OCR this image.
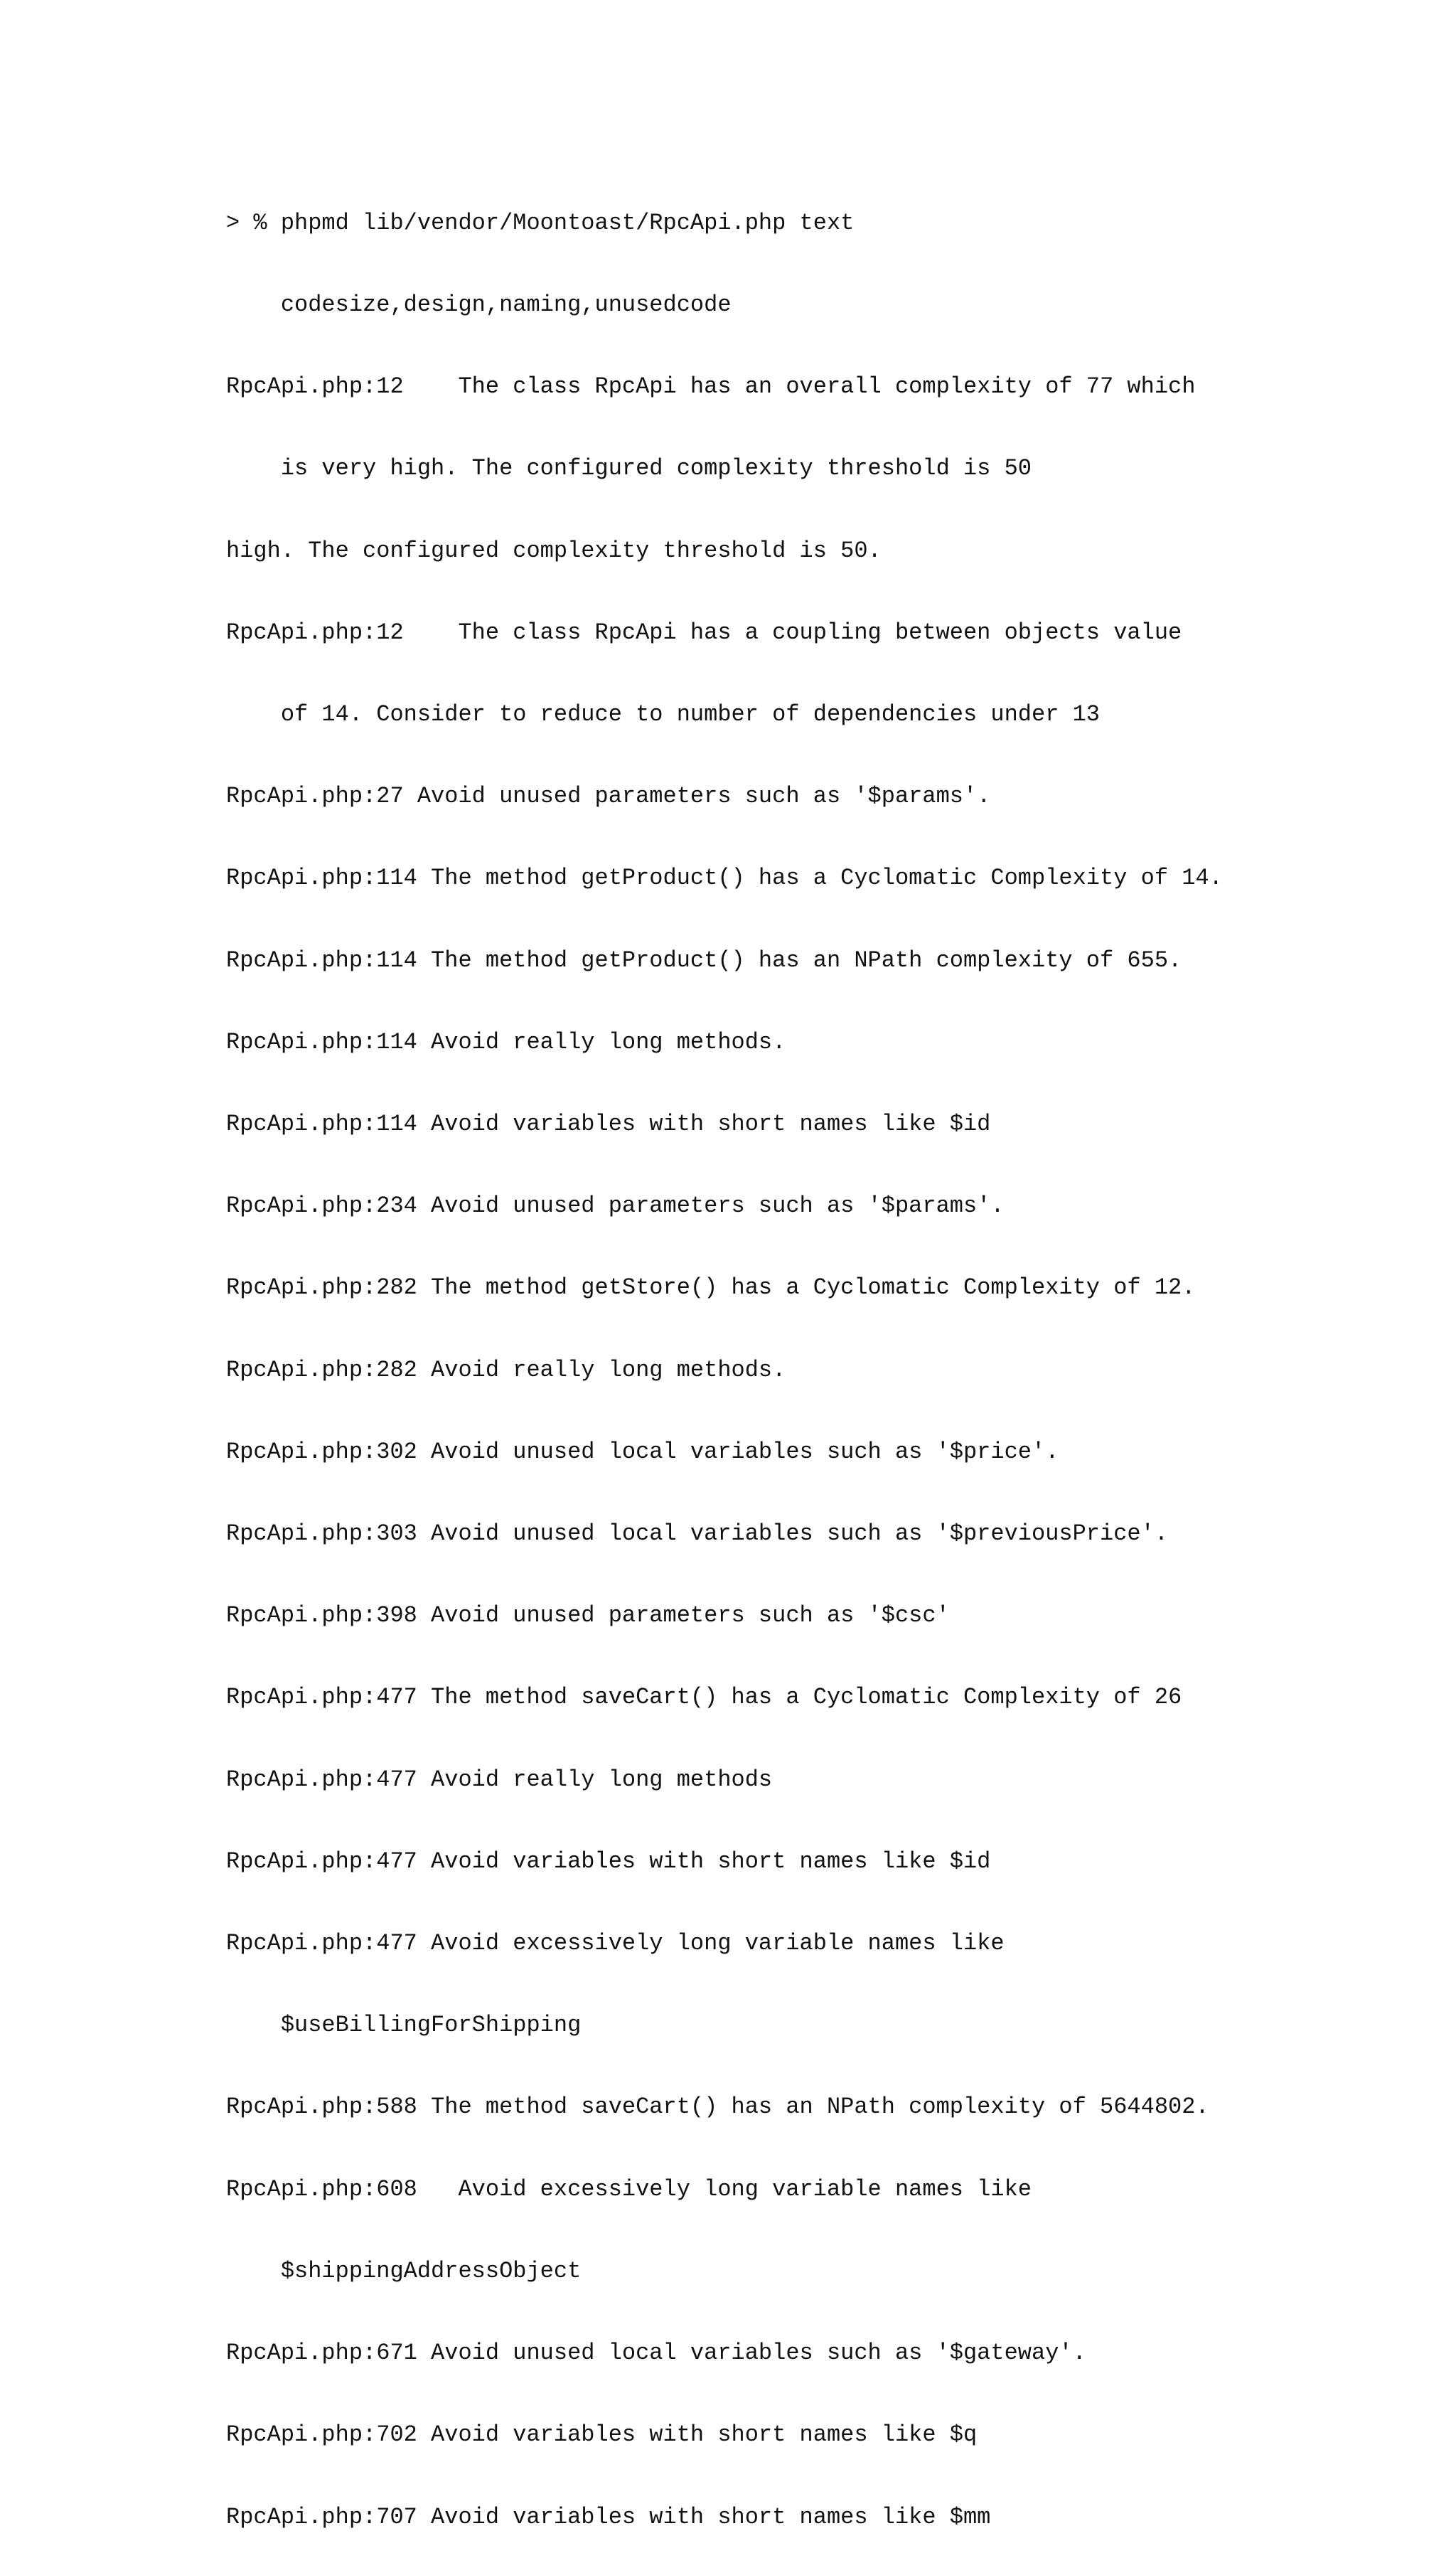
> % phpmd lib/vendor/Moontoast/RpcApi.php text

codesize,design,naming,unusedcode

RpcApi.php:12    The class RpcApi has an overall complexity of 77 which

is very high. The configured complexity threshold is 50

high. The configured complexity threshold is 50.

RpcApi.php:12    The class RpcApi has a coupling between objects value

of 14. Consider to reduce to number of dependencies under 13

RpcApi.php:27 Avoid unused parameters such as '$params'.

RpcApi.php:114 The method getProduct() has a Cyclomatic Complexity of 14.

RpcApi.php:114 The method getProduct() has an NPath complexity of 655.

RpcApi.php:114 Avoid really long methods.

RpcApi.php:114 Avoid variables with short names like $id

RpcApi.php:234 Avoid unused parameters such as '$params'.

RpcApi.php:282 The method getStore() has a Cyclomatic Complexity of 12.

RpcApi.php:282 Avoid really long methods.

RpcApi.php:302 Avoid unused local variables such as '$price'.

RpcApi.php:303 Avoid unused local variables such as '$previousPrice'.

RpcApi.php:398 Avoid unused parameters such as '$csc'

RpcApi.php:477 The method saveCart() has a Cyclomatic Complexity of 26

RpcApi.php:477 Avoid really long methods

RpcApi.php:477 Avoid variables with short names like $id

RpcApi.php:477 Avoid excessively long variable names like

$useBillingForShipping

RpcApi.php:588 The method saveCart() has an NPath complexity of 5644802.

RpcApi.php:608   Avoid excessively long variable names like

$shippingAddressObject

RpcApi.php:671 Avoid unused local variables such as '$gateway'.

RpcApi.php:702 Avoid variables with short names like $q

RpcApi.php:707 Avoid variables with short names like $mm
